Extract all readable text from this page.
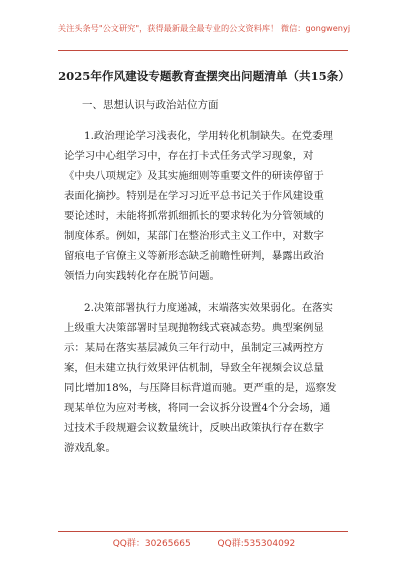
关注头条号"公文研究"，获得最新最全最专业的公文资料库！ 微信：gongwenyj
2025年作风建设专题教育查摆突出问题清单（共15条）
一、思想认识与政治站位方面
1.政治理论学习浅表化，学用转化机制缺失。在党委理
论学习中心组学习中，存在打卡式任务式学习现象，对
《中央八项规定》及其实施细则等重要文件的研读停留于
表面化摘抄。特别是在学习习近平总书记关于作风建设重
要论述时，未能将抓常抓细抓长的要求转化为分管领域的
制度体系。例如，某部门在整治形式主义工作中，对数字
留痕电子官僚主义等新形态缺乏前瞻性研判，暴露出政治
领悟力向实践转化存在脱节问题。
2.决策部署执行力度递减，末端落实效果弱化。在落实
上级重大决策部署时呈现抛物线式衰减态势。典型案例显
示：某局在落实基层减负三年行动中，虽制定三减两控方
案，但未建立执行效果评估机制，导致全年视频会议总量
同比增加18%，与压降目标背道而驰。更严重的是，巡察发
现某单位为应对考核，将同一会议拆分设置4个分会场，通
过技术手段规避会议数量统计，反映出政策执行存在数字
游戏乱象。
QQ群：30265665	QQ群:535304092
